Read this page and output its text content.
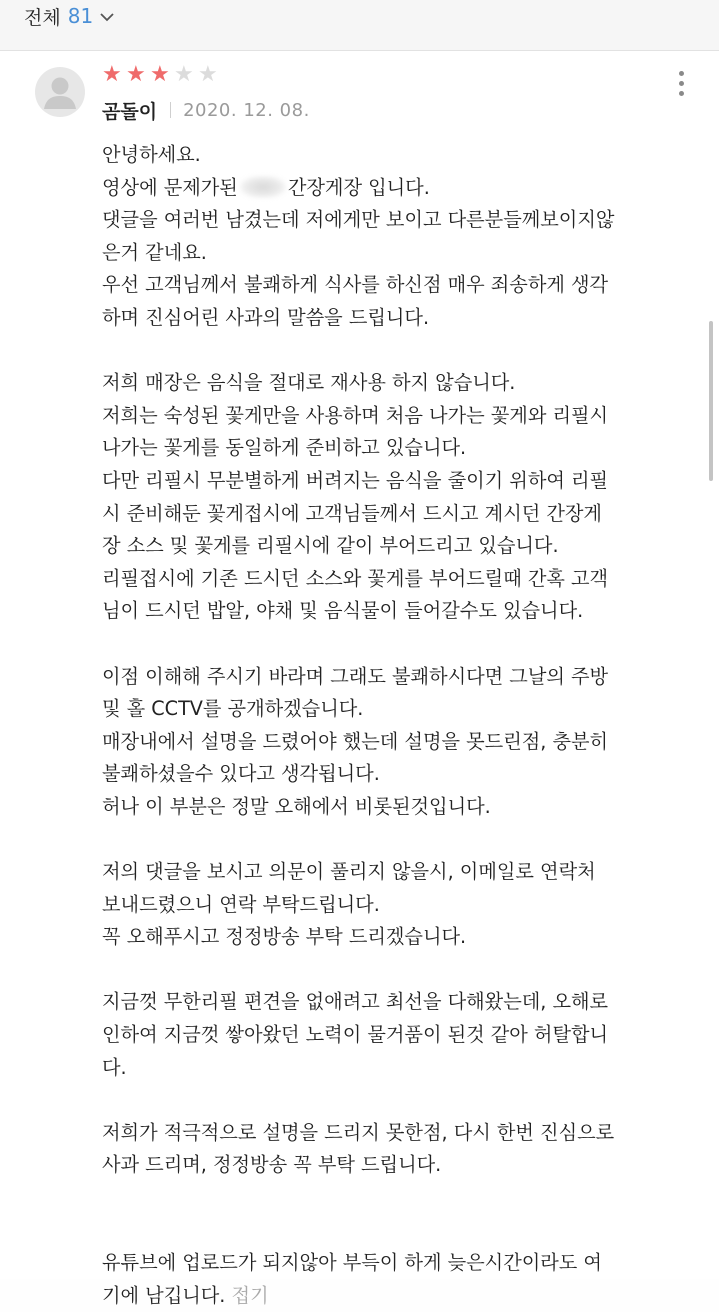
전체 81
★ ★ ★ ★ ★
곰돌이 2020. 12. 08.

안녕하세요.

영상에 문제가된	간장게장 입니다.

댓글을 여러번 남겼는데 저에게만 보이고 다른분들께보이지않

은거 같네요.

우선 고객님께서 불쾌하게 식사를 하신점 매우 죄송하게 생각

하며 진심어린 사과의 말씀을 드립니다.

저희 매장은 음식을 절대로 재사용 하지 않습니다.

저희는 숙성된 꽃게만을 사용하며 처음 나가는 꽃게와 리필시

나가는 꽃게를 동일하게 준비하고 있습니다.

다만 리필시 무분별하게 버려지는 음식을 줄이기 위하여 리필

시 준비해둔 꽃게접시에 고객님들께서 드시고 계시던 간장게

장 소스 및 꽃게를 리필시에 같이 부어드리고 있습니다.

리필접시에 기존 드시던 소스와 꽃게를 부어드릴때 간혹 고객

님이 드시던 밥알, 야채 및 음식물이 들어갈수도 있습니다.

이점 이해해 주시기 바라며 그래도 불쾌하시다면 그날의 주방

및 홀 CCTV를 공개하겠습니다.

매장내에서 설명을 드렸어야 했는데 설명을 못드린점, 충분히

불쾌하셨을수 있다고 생각됩니다.

허나 이 부분은 정말 오해에서 비롯된것입니다.

저의 댓글을 보시고 의문이 풀리지 않을시, 이메일로 연락처

보내드렸으니 연락 부탁드립니다.

꼭 오해푸시고 정정방송 부탁 드리겠습니다.

지금껏 무한리필 편견을 없애려고 최선을 다해왔는데, 오해로

인하여 지금껏 쌓아왔던 노력이 물거품이 된것 같아 허탈합니

다.

저희가 적극적으로 설명을 드리지 못한점, 다시 한번 진심으로

사과 드리며, 정정방송 꼭 부탁 드립니다.

유튜브에 업로드가 되지않아 부득이 하게 늦은시간이라도 여

기에 남깁니다. 접기
